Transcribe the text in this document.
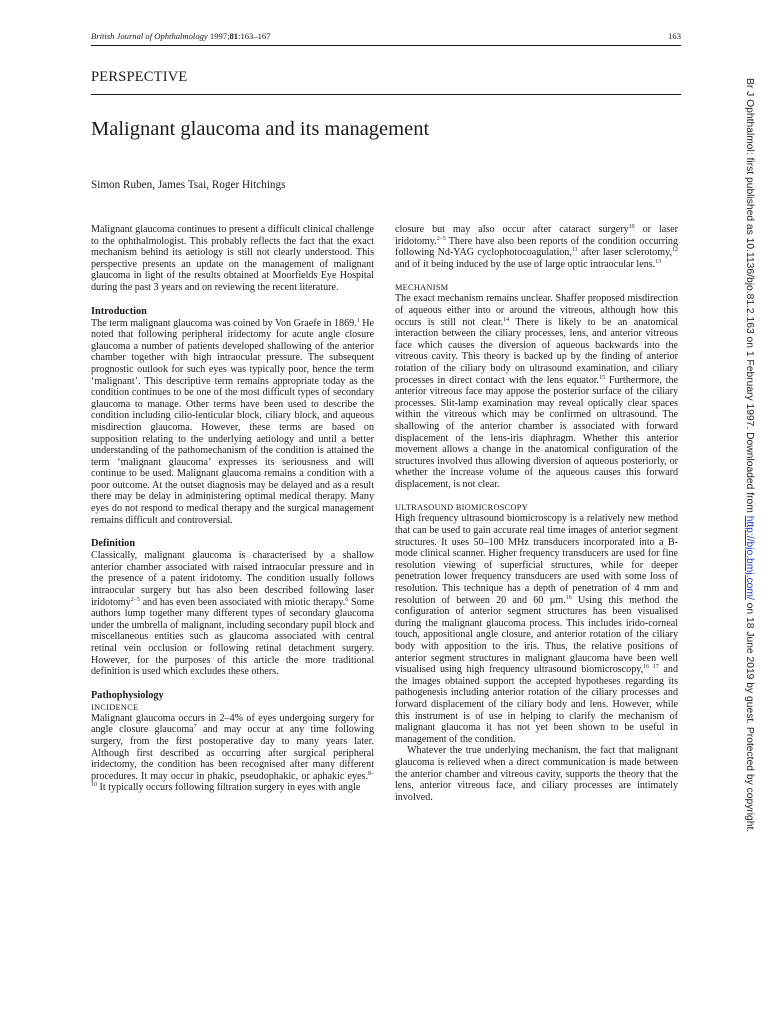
British Journal of Ophthalmology 1997;81:163–167	163
PERSPECTIVE
Malignant glaucoma and its management
Simon Ruben, James Tsai, Roger Hitchings

Malignant glaucoma continues to present a difficult clinical challenge to the ophthalmologist. This probably reflects the fact that the exact mechanism behind its aetiology is still not clearly understood. This perspective presents an update on the management of malignant glaucoma in light of the results obtained at Moorfields Eye Hospital during the past 3 years and on reviewing the recent literature.

Introduction

The term malignant glaucoma was coined by Von Graefe in 1869.$^1$ He noted that following peripheral iridectomy for acute angle closure glaucoma a number of patients developed shallowing of the anterior chamber together with high intraocular pressure. The subsequent prognostic outlook for such eyes was typically poor, hence the term ‘malignant’. This descriptive term remains appropriate today as the condition continues to be one of the most difficult types of secondary glaucoma to manage. Other terms have been used to describe the condition including cilio-lenticular block, ciliary block, and aqueous misdirection glaucoma. However, these terms are based on supposition relating to the underlying aetiology and until a better understanding of the pathomechanism of the condition is attained the term ‘malignant glaucoma’ expresses its seriousness and will continue to be used. Malignant glaucoma remains a condition with a poor outcome. At the outset diagnosis may be delayed and as a result there may be delay in administering optimal medical therapy. Many eyes do not respond to medical therapy and the surgical management remains difficult and controversial.

Definition

Classically, malignant glaucoma is characterised by a shallow anterior chamber associated with raised intraocular pressure and in the presence of a patent iridotomy. The condition usually follows intraocular surgery but has also been described following laser iridotomy$^{2-5}$ and has even been associated with miotic therapy.$^6$ Some authors lump together many different types of secondary glaucoma under the umbrella of malignant, including secondary pupil block and miscellaneous entities such as glaucoma associated with central retinal vein occlusion or following retinal detachment surgery. However, for the purposes of this article the more traditional definition is used which excludes these others.

Pathophysiology
INCIDENCE

Malignant glaucoma occurs in 2–4% of eyes undergoing surgery for angle closure glaucoma$^7$ and may occur at any time following surgery, from the first postoperative day to many years later. Although first described as occurring after surgical peripheral iridectomy, the condition has been recognised after many different procedures. It may occur in phakic, pseudophakic, or aphakic eyes.$^{8-10}$ It typically occurs following filtration surgery in eyes with angle

closure but may also occur after cataract surgery$^{10}$ or laser iridotomy.$^{2-5}$ There have also been reports of the condition occurring following Nd-YAG cyclophotocoagulation,$^{11}$ after laser sclerotomy,$^{12}$ and of it being induced by the use of large optic intraocular lens.$^{13}$

MECHANISM

The exact mechanism remains unclear. Shaffer proposed misdirection of aqueous either into or around the vitreous, although how this occurs is still not clear.$^{14}$ There is likely to be an anatomical interaction between the ciliary processes, lens, and anterior vitreous face which causes the diversion of aqueous backwards into the vitreous cavity. This theory is backed up by the finding of anterior rotation of the ciliary body on ultrasound examination, and ciliary processes in direct contact with the lens equator.$^{15}$ Furthermore, the anterior vitreous face may appose the posterior surface of the ciliary processes. Slit-lamp examination may reveal optically clear spaces within the vitreous which may be confirmed on ultrasound. The shallowing of the anterior chamber is associated with forward displacement of the lens-iris diaphragm. Whether this anterior movement allows a change in the anatomical configuration of the structures involved thus allowing diversion of aqueous posteriorly, or whether the increase volume of the aqueous causes this forward displacement, is not clear.

ULTRASOUND BIOMICROSCOPY

High frequency ultrasound biomicroscopy is a relatively new method that can be used to gain accurate real time images of anterior segment structures. It uses 50–100 MHz transducers incorporated into a B-mode clinical scanner. Higher frequency transducers are used for fine resolution viewing of superficial structures, while for deeper penetration lower frequency transducers are used with some loss of resolution. This technique has a depth of penetration of 4 mm and resolution of between 20 and 60 µm.$^{16}$ Using this method the configuration of anterior segment structures has been visualised during the malignant glaucoma process. This includes irido-corneal touch, appositional angle closure, and anterior rotation of the ciliary body with apposition to the iris. Thus, the relative positions of anterior segment structures in malignant glaucoma have been well visualised using high frequency ultrasound biomicroscopy,$^{16 17}$ and the images obtained support the accepted hypotheses regarding its pathogenesis including anterior rotation of the ciliary processes and forward displacement of the ciliary body and lens. However, while this instrument is of use in helping to clarify the mechanism of malignant glaucoma it has not yet been shown to be useful in management of the condition.

Whatever the true underlying mechanism, the fact that malignant glaucoma is relieved when a direct communication is made between the anterior chamber and vitreous cavity, supports the theory that the lens, anterior vitreous face, and ciliary processes are intimately involved.

Br J Ophthalmol: first published as 10.1136/bjo.81.2.163 on 1 February 1997. Downloaded from http://bjo.bmj.com/ on 18 June 2019 by guest. Protected by copyright.
